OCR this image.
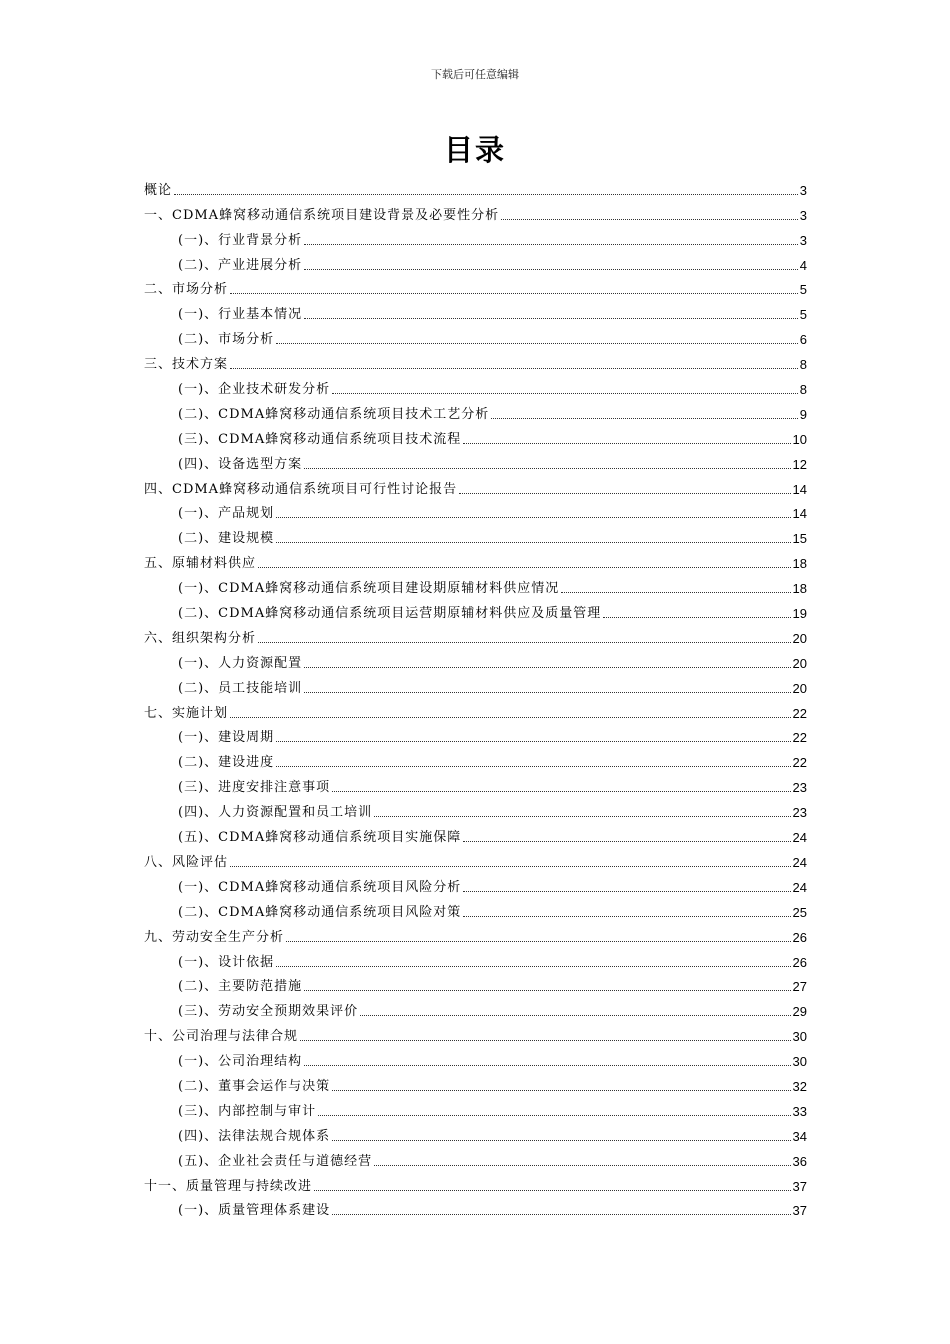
下载后可任意编辑
目录
概论	3
一、CDMA蜂窝移动通信系统项目建设背景及必要性分析	3
(一)、行业背景分析	3
(二)、产业进展分析	4
二、市场分析	5
(一)、行业基本情况	5
(二)、市场分析	6
三、技术方案	8
(一)、企业技术研发分析	8
(二)、CDMA蜂窝移动通信系统项目技术工艺分析	9
(三)、CDMA蜂窝移动通信系统项目技术流程	10
(四)、设备选型方案	12
四、CDMA蜂窝移动通信系统项目可行性讨论报告	14
(一)、产品规划	14
(二)、建设规模	15
五、原辅材料供应	18
(一)、CDMA蜂窝移动通信系统项目建设期原辅材料供应情况	18
(二)、CDMA蜂窝移动通信系统项目运营期原辅材料供应及质量管理	19
六、组织架构分析	20
(一)、人力资源配置	20
(二)、员工技能培训	20
七、实施计划	22
(一)、建设周期	22
(二)、建设进度	22
(三)、进度安排注意事项	23
(四)、人力资源配置和员工培训	23
(五)、CDMA蜂窝移动通信系统项目实施保障	24
八、风险评估	24
(一)、CDMA蜂窝移动通信系统项目风险分析	24
(二)、CDMA蜂窝移动通信系统项目风险对策	25
九、劳动安全生产分析	26
(一)、设计依据	26
(二)、主要防范措施	27
(三)、劳动安全预期效果评价	29
十、公司治理与法律合规	30
(一)、公司治理结构	30
(二)、董事会运作与决策	32
(三)、内部控制与审计	33
(四)、法律法规合规体系	34
(五)、企业社会责任与道德经营	36
十一、质量管理与持续改进	37
(一)、质量管理体系建设	37
